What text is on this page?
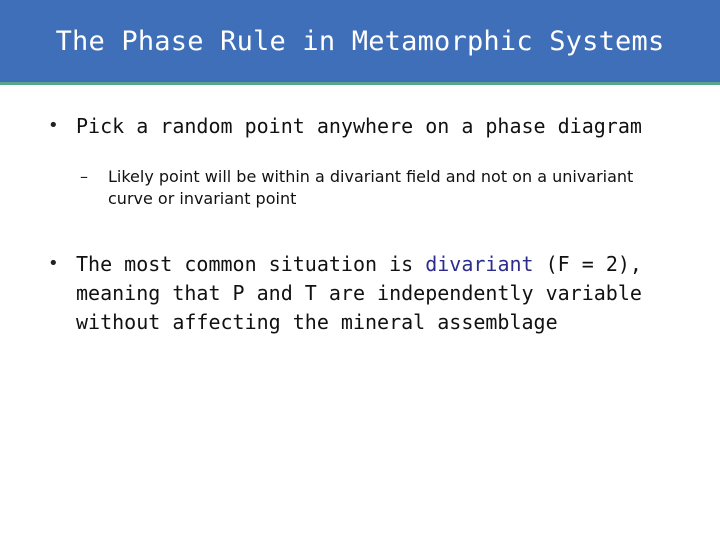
The Phase Rule in Metamorphic Systems
• Pick a random point anywhere on a phase diagram
–	Likely point will be within a divariant field and not on a univariant curve or invariant point
• The most common situation is divariant (F = 2), meaning that P and T are independently variable without affecting the mineral assemblage
